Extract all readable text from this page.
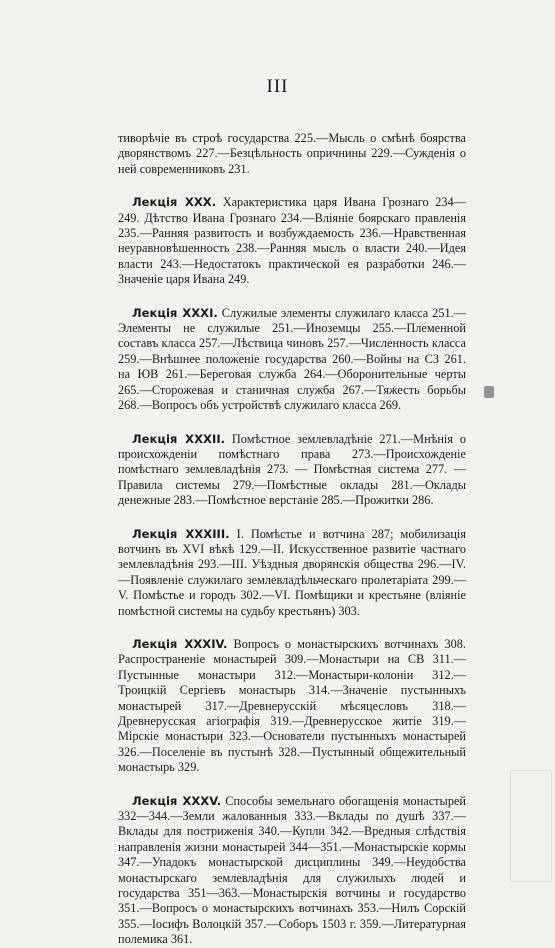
III

тиворѣчіе въ строѣ государства 225.—Мысль о смѣнѣ боярства дворянствомъ 227.—Безцѣльность опричнины 229.—Сужденія о ней современниковъ 231.

Лекція XXX. Характеристика царя Ивана Грознаго 234—249. Дѣтство Ивана Грознаго 234.—Вліяніе боярскаго правленія 235.—Ранняя развитость и возбуждаемость 236.—Нравственная неуравновѣшенность 238.—Ранняя мысль о власти 240.—Идея власти 243.—Недостатокъ практической ея разработки 246.—Значеніе царя Ивана 249.

Лекція XXXI. Служилые элементы служилаго класса 251.—Элементы не служилые 251.—Иноземцы 255.—Племенной составъ класса 257.—Лѣствица чиновъ 257.—Численность класса 259.—Внѣшнее положеніе государства 260.—Войны на СЗ 261. на ЮВ 261.—Береговая служба 264.—Оборонительные черты 265.—Сторожевая и станичная служба 267.—Тяжесть борьбы 268.—Вопросъ объ устройствѣ служилаго класса 269.

Лекція XXXII. Помѣстное землевладѣніе 271.—Мнѣнія о происхожденіи помѣстнаго права 273.—Происхожденіе помѣстнаго землевладѣнія 273. — Помѣстная система 277. — Правила системы 279.—Помѣстные оклады 281.—Оклады денежные 283.—Помѣстное верстаніе 285.—Прожитки 286.

Лекція XXXIII. I. Помѣстье и вотчина 287; мобилизація вотчинъ въ XVI вѣкѣ 129.—II. Искусственное развитіе частнаго землевладѣнія 293.—III. Уѣздныя дворянскія общества 296.—IV.—Появленіе служилаго землевладѣльческаго пролетаріата 299.—V. Помѣстье и городъ 302.—VI. Помѣщики и крестьяне (вліяніе помѣстной системы на судьбу крестьянъ) 303.

Лекція XXXIV. Вопросъ о монастырскихъ вотчинахъ 308. Распространеніе монастырей 309.—Монастыри на СВ 311.—Пустынные монастыри 312.—Монастыри-колоніи 312.—Троицкій Сергіевъ монастырь 314.—Значеніе пустынныхъ монастырей 317.—Древнерусскій мѣсяцесловъ 318.—Древнерусская агіографія 319.—Древнерусское житіе 319.—Мірскіе монастыри 323.—Основатели пустынныхъ монастырей 326.—Поселеніе въ пустынѣ 328.—Пустынный общежительный монастырь 329.

Лекція XXXV. Способы земельнаго обогащенія монастырей 332—344.—Земли жалованныя 333.—Вклады по душѣ 337.—Вклады для постриженія 340.—Купли 342.—Вредныя слѣдствія направленія жизни монастырей 344—351.—Монастырскіе кормы 347.—Упадокъ монастырской дисциплины 349.—Неудобства монастырскаго землевладѣнія для служилыхъ людей и государства 351—363.—Монастырскія вотчины и государство 351.—Вопросъ о монастырскихъ вотчинахъ 353.—Нилъ Сорскій 355.—Іосифъ Волоцкій 357.—Соборъ 1503 г. 359.—Литературная полемика 361.
